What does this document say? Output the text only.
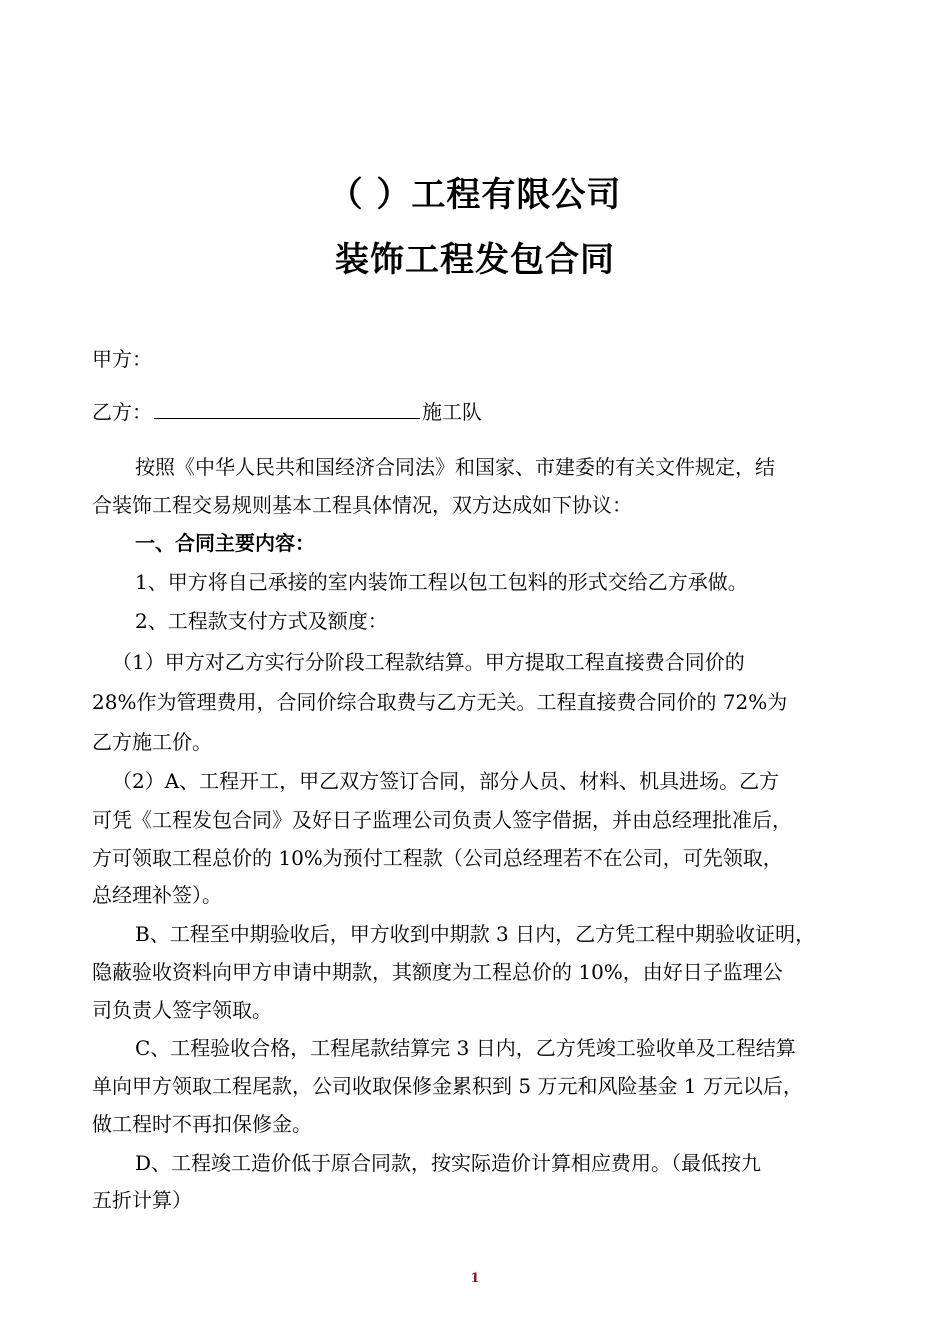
（ ）工程有限公司
装饰工程发包合同
甲方：
乙方：	施工队
按照《中华人民共和国经济合同法》和国家、市建委的有关文件规定，结
合装饰工程交易规则基本工程具体情况，双方达成如下协议：
一、合同主要内容：
1、甲方将自己承接的室内装饰工程以包工包料的形式交给乙方承做。
2、工程款支付方式及额度：
（1）甲方对乙方实行分阶段工程款结算。甲方提取工程直接费合同价的
28%作为管理费用，合同价综合取费与乙方无关。工程直接费合同价的 72%为
乙方施工价。
（2）A、工程开工，甲乙双方签订合同，部分人员、材料、机具进场。乙方
可凭《工程发包合同》及好日子监理公司负责人签字借据，并由总经理批准后，
方可领取工程总价的 10%为预付工程款（公司总经理若不在公司，可先领取，
总经理补签）。
B、工程至中期验收后，甲方收到中期款 3 日内，乙方凭工程中期验收证明，
隐蔽验收资料向甲方申请中期款，其额度为工程总价的 10%，由好日子监理公
司负责人签字领取。
C、工程验收合格，工程尾款结算完 3 日内，乙方凭竣工验收单及工程结算
单向甲方领取工程尾款，公司收取保修金累积到 5 万元和风险基金 1 万元以后，
做工程时不再扣保修金。
D、工程竣工造价低于原合同款，按实际造价计算相应费用。（最低按九
五折计算）
1
